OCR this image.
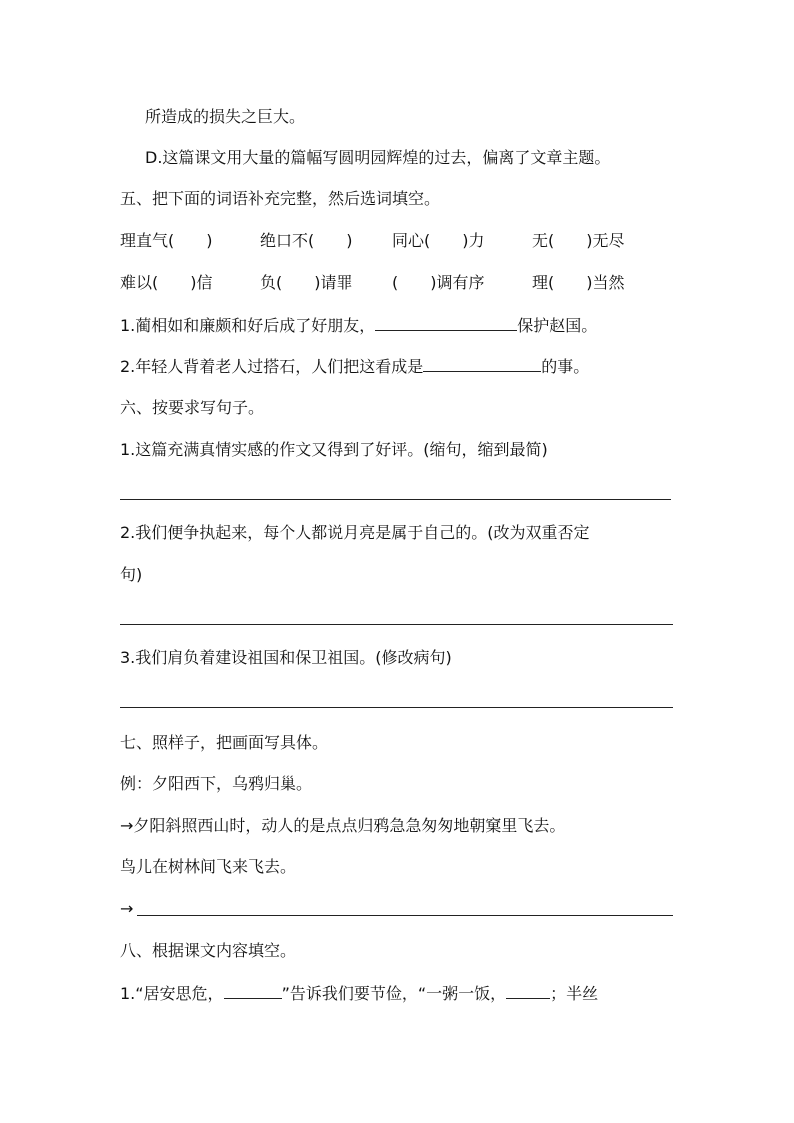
所造成的损失之巨大。
D.这篇课文用大量的篇幅写圆明园辉煌的过去，偏离了文章主题。
五、把下面的词语补充完整，然后选词填空。
理直气(　　)	绝口不(　　) 同心(　　)力	无(　　)无尽
难以(　　)信	负(　　)请罪 (　　)调有序	理(　　)当然
1.蔺相如和廉颇和好后成了好朋友，	保护赵国。
2.年轻人背着老人过搭石，人们把这看成是	的事。
六、按要求写句子。
1.这篇充满真情实感的作文又得到了好评。(缩句，缩到最简)
2.我们便争执起来，每个人都说月亮是属于自己的。(改为双重否定
句)
3.我们肩负着建设祖国和保卫祖国。(修改病句)
七、照样子，把画面写具体。
例：夕阳西下，乌鸦归巢。
→夕阳斜照西山时，动人的是点点归鸦急急匆匆地朝窠里飞去。
鸟儿在树林间飞来飞去。
→
八、根据课文内容填空。
1.“居安思危，	”告诉我们要节俭，“一粥一饭，	；半丝
